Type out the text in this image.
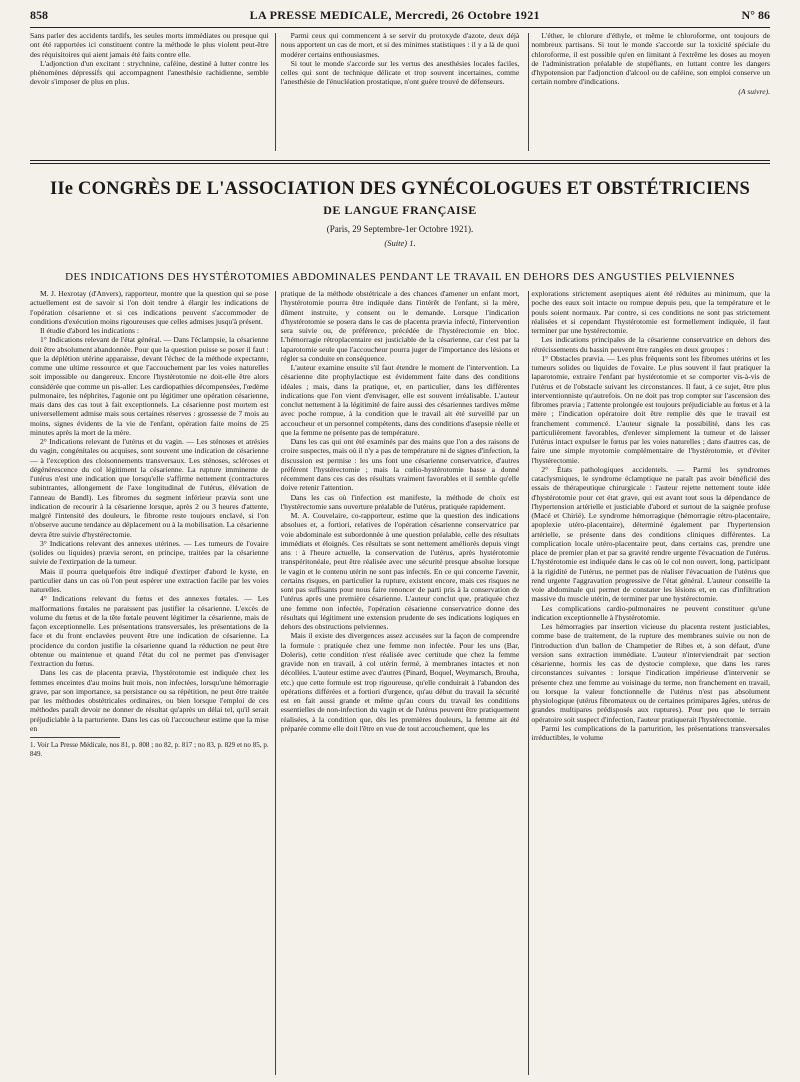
858	LA PRESSE MEDICALE, Mercredi, 26 Octobre 1921	N° 86

Sans parler des accidents tardifs, les seules morts immédiates ou presque qui ont été rapportées ici constituent contre la méthode le plus violent peut-être des réquisitoires qui aient jamais été faits contre elle.

L'adjonction d'un excitant : strychnine, caféine, destiné à lutter contre les phénomènes dépressifs qui accompagnent l'anesthésie rachidienne, semble devoir s'imposer de plus en plus.

Parmi ceux qui commencent à se servir du protoxyde d'azote, deux déjà nous apportent un cas de mort, et si des minimes statistiques : il y a là de quoi modérer certains enthousiasmes.

Si tout le monde s'accorde sur les vertus des anesthésies locales faciles, celles qui sont de technique délicate et trop souvent incertaines, comme l'anesthésie de l'énucléation prostatique, n'ont guère trouvé de défenseurs.

L'éther, le chlorure d'éthyle, et même le chloroforme, ont toujours de nombreux partisans. Si tout le monde s'accorde sur la toxicité spéciale du chloroforme, il est possible qu'en en limitant à l'extrême les doses au moyen de l'administration préalable de stupéfiants, en luttant contre les dangers d'hypotension par l'adjonction d'alcool ou de caféine, son emploi conserve un certain nombre d'indications.

(A suivre).

IIe CONGRÈS DE L'ASSOCIATION DES GYNÉCOLOGUES ET OBSTÉTRICIENS
DE LANGUE FRANÇAISE
(Paris, 29 Septembre-1er Octobre 1921).
(Suite) 1.
DES INDICATIONS DES HYSTÉROTOMIES ABDOMINALES PENDANT LE TRAVAIL EN DEHORS DES ANGUSTIES PELVIENNES

M. J. Hexrotay (d'Anvers), rapporteur, montre que la question qui se pose actuellement est de savoir si l'on doit tendre à élargir les indications de l'opération césarienne et si ces indications peuvent s'accommoder de conditions d'exécution moins rigoureuses que celles admises jusqu'à présent.

Il étudie d'abord les indications :

1° Indications relevant de l'état général. — Dans l'éclampsie, la césarienne doit être absolument abandonnée. Pour que la question puisse se poser il faut : que la déplétion utérine apparaisse, devant l'échec de la méthode expectante, comme une ultime ressource et que l'accouchement par les voies naturelles soit impossible ou dangereux. Encore l'hystérotomie ne doit-elle être alors considérée que comme un pis-aller. Les cardiopathies décompensées, l'œdème pulmonaire, les néphrites, l'agonie ont pu légitimer une opération césarienne, mais dans des cas tout à fait exceptionnels. La césarienne post mortem est universellement admise mais sous certaines réserves : grossesse de 7 mois au moins, signes évidents de la vie de l'enfant, opération faite moins de 25 minutes après la mort de la mère.

2° Indications relevant de l'utérus et du vagin. — Les sténoses et atrésies du vagin, congénitales ou acquises, sont souvent une indication de césarienne — à l'exception des cloisonnements transversaux. Les sténoses, scléroses et dégénérescence du col légitiment la césarienne. La rupture imminente de l'utérus n'est une indication que lorsqu'elle s'affirme nettement (contractures subintrantes, allongement de l'axe longitudinal de l'utérus, élévation de l'anneau de Bandl). Les fibromes du segment inférieur prævia sont une indication de recourir à la césarienne lorsque, après 2 ou 3 heures d'attente, malgré l'intensité des douleurs, le fibrome reste toujours enclavé, si l'on n'observe aucune tendance au déplacement ou à la mobilisation. La césarienne devra être suivie d'hystérectomie.

3° Indications relevant des annexes utérines. — Les tumeurs de l'ovaire (solides ou liquides) prævia seront, en principe, traitées par la césarienne suivie de l'extirpation de la tumeur.

Mais il pourra quelquefois être indiqué d'extirper d'abord le kyste, en particulier dans un cas où l'on peut espérer une extraction facile par les voies naturelles.

4° Indications relevant du fœtus et des annexes fœtales. — Les malformations fœtales ne paraissent pas justifier la césarienne. L'excès de volume du fœtus et de la tête fœtale peuvent légitimer la césarienne, mais de façon exceptionnelle. Les présentations transversales, les présentations de la face et du front enclavées peuvent être une indication de césarienne. La procidence du cordon justifie la césarienne quand la réduction ne peut être obtenue ou maintenue et quand l'état du col ne permet pas d'envisager l'extraction du fœtus.

Dans les cas de placenta prævia, l'hystérotomie est indiquée chez les femmes enceintes d'au moins huit mois, non infectées, lorsqu'une hémorragie grave, par son importance, sa persistance ou sa répétition, ne peut être traitée par les méthodes obstétricales ordinaires, ou bien lorsque l'emploi de ces méthodes paraît devoir ne donner de résultat qu'après un délai tel, qu'il serait préjudiciable à la parturiente. Dans les cas où l'accoucheur estime que la mise en

1. Voir La Presse Médicale, nos 81, p. 808 ; no 82, p. 817 ; no 83, p. 829 et no 85, p. 849.

pratique de la méthode obstétricale a des chances d'amener un enfant mort, l'hystérotomie pourra être indiquée dans l'intérêt de l'enfant, si la mère, dûment instruite, y consent ou le demande. Lorsque l'indication d'hystérotomie se posera dans le cas de placenta prævia infecté, l'intervention sera suivie ou, de préférence, précédée de l'hystérectomie en bloc. L'hémorragie rétroplacentaire est justiciable de la césarienne, car c'est par la laparotomie seule que l'accoucheur pourra juger de l'importance des lésions et régler sa conduite en conséquence.

L'auteur examine ensuite s'il faut étendre le moment de l'intervention. La césarienne dite prophylactique est évidemment faite dans des conditions idéales ; mais, dans la pratique, et, en particulier, dans les différentes indications que l'on vient d'envisager, elle est souvent irréalisable. L'auteur conclut nettement à la légitimité de faire aussi des césariennes tardives même avec poche rompue, à la condition que le travail ait été surveillé par un accoucheur et un personnel compétents, dans des conditions d'asepsie réelle et que la femme ne présente pas de température.

Dans les cas qui ont été examinés par des mains que l'on a des raisons de croire suspectes, mais où il n'y a pas de température ni de signes d'infection, la discussion est permise : les uns font une césarienne conservatrice, d'autres préfèrent l'hystérectomie ; mais la cœlio-hystérotomie basse a donné récemment dans ces cas des résultats vraiment favorables et il semble qu'elle doive retenir l'attention.

Dans les cas où l'infection est manifeste, la méthode de choix est l'hystérectomie sans ouverture préalable de l'utérus, pratiquée rapidement.

M. A. Couvelaire, co-rapporteur, estime que la question des indications absolues et, a fortiori, relatives de l'opération césarienne conservatrice par voie abdominale est subordonnée à une question préalable, celle des résultats immédiats et éloignés. Ces résultats se sont nettement améliorés depuis vingt ans : à l'heure actuelle, la conservation de l'utérus, après hystérotomie transpéritonéale, peut être réalisée avec une sécurité presque absolue lorsque le vagin et le contenu utérin ne sont pas infectés. En ce qui concerne l'avenir, certains risques, en particulier la rupture, existent encore, mais ces risques ne sont pas suffisants pour nous faire renoncer de parti pris à la conservation de l'utérus après une première césarienne. L'auteur conclut que, pratiquée chez une femme non infectée, l'opération césarienne conservatrice donne des résultats qui légitiment une extension prudente de ses indications logiques en dehors des obstructions pelviennes.

Mais il existe des divergences assez accusées sur la façon de comprendre la formule : pratiquée chez une femme non infectée. Pour les uns (Bar, Doleris), cette condition n'est réalisée avec certitude que chez la femme gravide non en travail, à col utérin fermé, à membranes intactes et non décollées. L'auteur estime avec d'autres (Pinard, Boquel, Weymarsch, Brouha, etc.) que cette formule est trop rigoureuse, qu'elle conduirait à l'abandon des opérations différées et a fortiori d'urgence, qu'au début du travail la sécurité est en fait aussi grande et même qu'au cours du travail les conditions essentielles de non-infection du vagin et de l'utérus peuvent être pratiquement réalisées, à la condition que, dès les premières douleurs, la femme ait été préparée comme elle doit l'être en vue de tout accouchement, que les

explorations strictement aseptiques aient été réduites au minimum, que la poche des eaux soit intacte ou rompue depuis peu, que la température et le pouls soient normaux. Par contre, si ces conditions ne sont pas strictement réalisées et si cependant l'hystérotomie est formellement indiquée, il faut terminer par une hystérectomie.

Les indications principales de la césarienne conservatrice en dehors des rétrécissements du bassin peuvent être rangées en deux groupes :

1° Obstacles prævia. — Les plus fréquents sont les fibromes utérins et les tumeurs solides ou liquides de l'ovaire. Le plus souvent il faut pratiquer la laparotomie, extraire l'enfant par hystérotomie et se comporter vis-à-vis de l'utérus et de l'obstacle suivant les circonstances. Il faut, à ce sujet, être plus interventionniste qu'autrefois. On ne doit pas trop compter sur l'ascension des fibromes prævia ; l'attente prolongée est toujours préjudiciable au fœtus et à la mère ; l'indication opératoire doit être remplie dès que le travail est franchement commencé. L'auteur signale la possibilité, dans les cas particulièrement favorables, d'enlever simplement la tumeur et de laisser l'utérus intact expulser le fœtus par les voies naturelles ; dans d'autres cas, de faire une simple myotomie complémentaire de l'hystérotomie, et d'éviter l'hystérectomie.

2° États pathologiques accidentels. — Parmi les syndromes cataclysmiques, le syndrome éclamptique ne paraît pas avoir bénéficié des essais de thérapeutique chirurgicale : l'auteur rejette nettement toute idée d'hystérotomie pour cet état grave, qui est avant tout sous la dépendance de l'hypertension artérielle et justiciable d'abord et surtout de la saignée profuse (Macé et Chirié). Le syndrome hémorragique (hémorragie rétro-placentaire, apoplexie utéro-placentaire), déterminé également par l'hypertension artérielle, se présente dans des conditions cliniques différentes. La complication locale utéro-placentaire peut, dans certains cas, prendre une place de premier plan et par sa gravité rendre urgente l'évacuation de l'utérus. L'hystérotomie est indiquée dans le cas où le col non ouvert, long, participant à la rigidité de l'utérus, ne permet pas de réaliser l'évacuation de l'utérus que rend urgente l'aggravation progressive de l'état général. L'auteur conseille la voie abdominale qui permet de constater les lésions et, en cas d'infiltration massive du muscle utérin, de terminer par une hystérectomie.

Les complications cardio-pulmonaires ne peuvent constituer qu'une indication exceptionnelle à l'hystérotomie.

Les hémorragies par insertion vicieuse du placenta restent justiciables, comme base de traitement, de la rupture des membranes suivie ou non de l'introduction d'un ballon de Champetier de Ribes et, à son défaut, d'une version sans extraction immédiate. L'auteur n'interviendrait par section césarienne, hormis les cas de dystocie complexe, que dans les rares circonstances suivantes : lorsque l'indication impérieuse d'intervenir se présente chez une femme au voisinage du terme, non franchement en travail, ou lorsque la valeur fonctionnelle de l'utérus n'est pas absolument physiologique (utérus fibromateux ou de certaines primipares âgées, utérus de grandes multipares prédisposés aux ruptures). Pour peu que le terrain opératoire soit suspect d'infection, l'auteur pratiquerait l'hystérectomie.

Parmi les complications de la parturition, les présentations transversales irréductibles, le volume
